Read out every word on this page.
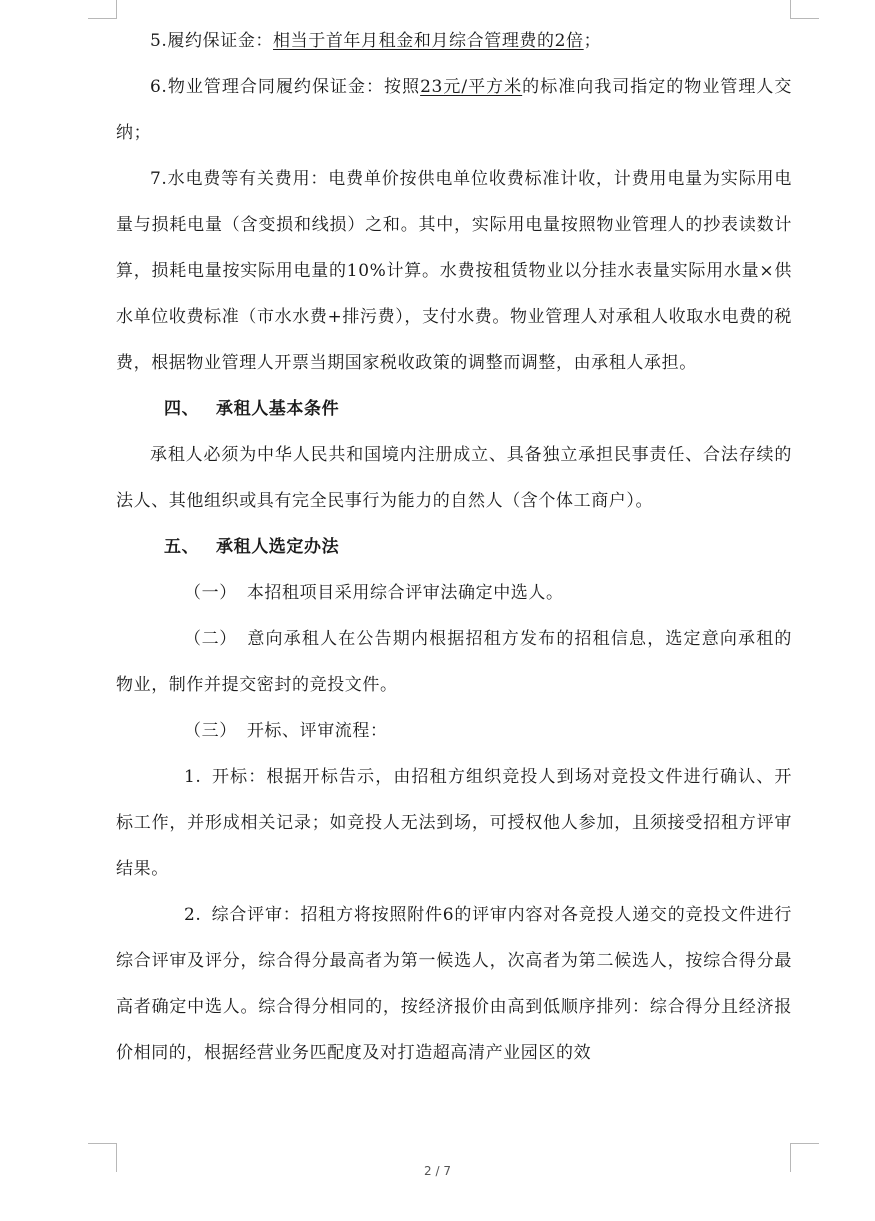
5.履约保证金：相当于首年月租金和月综合管理费的2倍；

6.物业管理合同履约保证金：按照23元/平方米的标准向我司指定的物业管理人交纳；

7.水电费等有关费用：电费单价按供电单位收费标准计收，计费用电量为实际用电量与损耗电量（含变损和线损）之和。其中，实际用电量按照物业管理人的抄表读数计算，损耗电量按实际用电量的10%计算。水费按租赁物业以分挂水表量实际用水量×供水单位收费标准（市水水费+排污费），支付水费。物业管理人对承租人收取水电费的税费，根据物业管理人开票当期国家税收政策的调整而调整，由承租人承担。

四、 承租人基本条件

承租人必须为中华人民共和国境内注册成立、具备独立承担民事责任、合法存续的法人、其他组织或具有完全民事行为能力的自然人（含个体工商户）。

五、 承租人选定办法

（一） 本招租项目采用综合评审法确定中选人。

（二） 意向承租人在公告期内根据招租方发布的招租信息，选定意向承租的物业，制作并提交密封的竞投文件。

（三） 开标、评审流程：

1. 开标：根据开标告示，由招租方组织竞投人到场对竞投文件进行确认、开标工作，并形成相关记录；如竞投人无法到场，可授权他人参加，且须接受招租方评审结果。

2. 综合评审：招租方将按照附件6的评审内容对各竞投人递交的竞投文件进行综合评审及评分，综合得分最高者为第一候选人，次高者为第二候选人，按综合得分最高者确定中选人。综合得分相同的，按经济报价由高到低顺序排列：综合得分且经济报价相同的，根据经营业务匹配度及对打造超高清产业园区的效

2 / 7
